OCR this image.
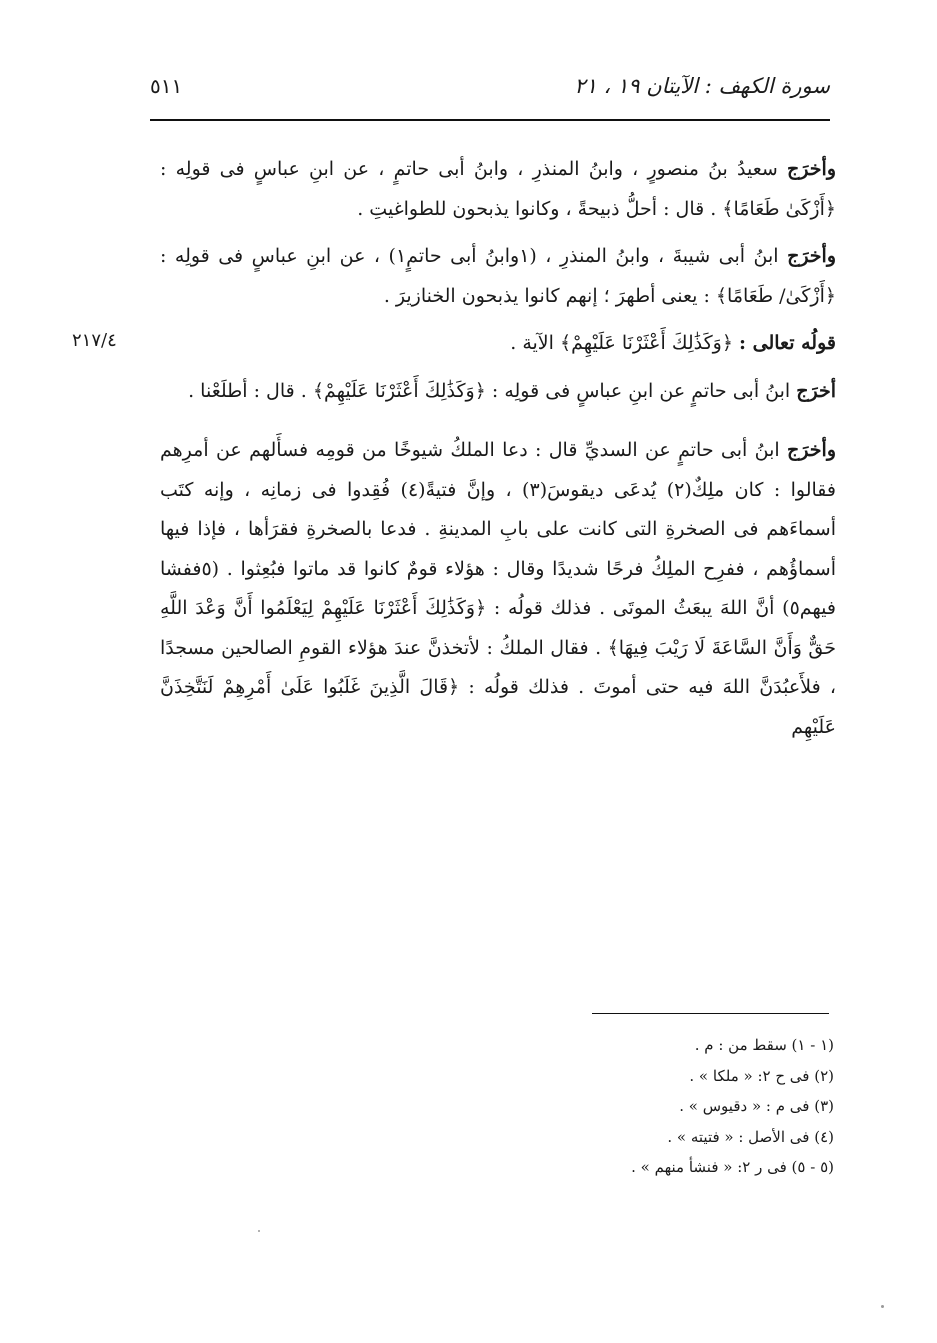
سورة الكهف : الآيتان ١٩ ، ٢١
٥١١
٢١٧/٤

وأخرَج سعيدُ بنُ منصورٍ ، وابنُ المنذرِ ، وابنُ أبى حاتمٍ ، عن ابنِ عباسٍ فى قولِه : ﴿أَزْكَىٰ طَعَامًا﴾ . قال : أحلُّ ذبيحةً ، وكانوا يذبحون للطواغيتِ .

وأخرَج ابنُ أبى شيبةَ ، وابنُ المنذرِ ، (١وابنُ أبى حاتمٍ١) ، عن ابنِ عباسٍ فى قولِه : ﴿أَزْكَىٰ/ طَعَامًا﴾ : يعنى أطهرَ ؛ إنهم كانوا يذبحون الخنازيرَ .

قولُه تعالى : ﴿وَكَذَٰلِكَ أَعْثَرْنَا عَلَيْهِمْ﴾ الآية .

أخرَج ابنُ أبى حاتمٍ عن ابنِ عباسٍ فى قولِه : ﴿وَكَذَٰلِكَ أَعْثَرْنَا عَلَيْهِمْ﴾ . قال : أطلَعْنا .

وأخرَج ابنُ أبى حاتمٍ عن السديِّ قال : دعا الملكُ شيوخًا من قومِه فسأَلهم عن أمرِهم فقالوا : كان ملِكٌ(٢) يُدعَى ديقوسَ(٣) ، وإنَّ فتيةً(٤) فُقِدوا فى زمانِه ، وإنه كتَب أسماءَهم فى الصخرةِ التى كانت على بابِ المدينةِ . فدعا بالصخرةِ فقرَأها ، فإذا فيها أسماؤُهم ، ففرِح الملِكُ فرحًا شديدًا وقال : هؤلاء قومٌ كانوا قد ماتوا فبُعِثوا . (٥ففشا فيهم٥) أنَّ اللهَ يبعَثُ الموتَى . فذلك قولُه : ﴿وَكَذَٰلِكَ أَعْثَرْنَا عَلَيْهِمْ لِيَعْلَمُوا أَنَّ وَعْدَ اللَّهِ حَقٌّ وَأَنَّ السَّاعَةَ لَا رَيْبَ فِيهَا﴾ . فقال الملكُ : لأتخذنَّ عندَ هؤلاء القومِ الصالحين مسجدًا ، فلأَعبُدَنَّ اللهَ فيه حتى أموتَ . فذلك قولُه : ﴿قَالَ الَّذِينَ غَلَبُوا عَلَىٰ أَمْرِهِمْ لَنَتَّخِذَنَّ عَلَيْهِم

(١ - ١) سقط من : م .

(٢) فى ح ٢: « ملكا » .

(٣) فى م : « دقيوس » .

(٤) فى الأصل : « فتيته » .

(٥ - ٥) فى ر ٢: « فنشأ منهم » .
